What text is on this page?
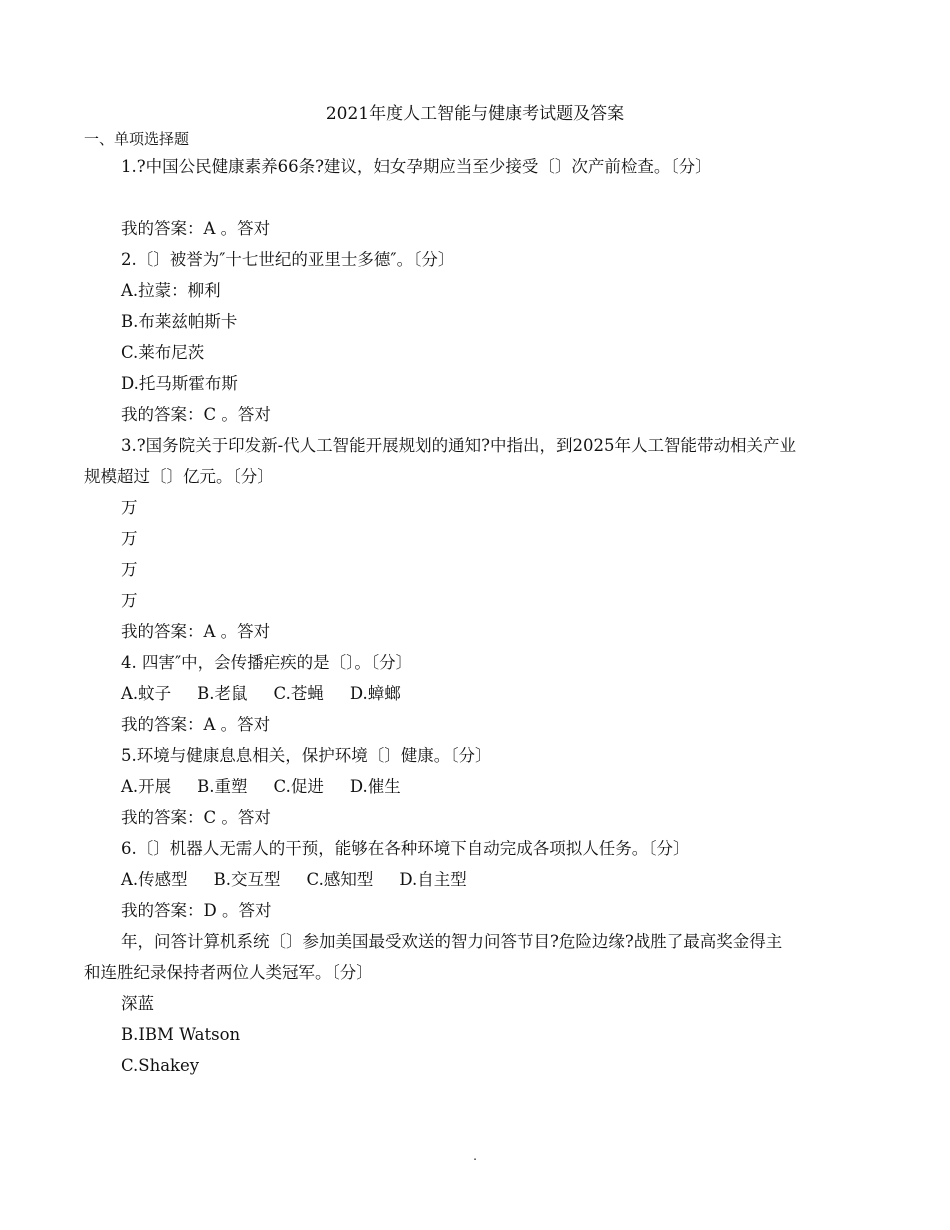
2021年度人工智能与健康考试题及答案
一、单项选择题
1.?中国公民健康素养66条?建议，妇女孕期应当至少接受〔〕次产前检查。〔分〕
我的答案：A 。答对
2.〔〕被誉为″十七世纪的亚里士多德″。〔分〕
A.拉蒙：柳利
B.布莱兹帕斯卡
C.莱布尼茨
D.托马斯霍布斯
我的答案：C 。答对
3.?国务院关于印发新-代人工智能开展规划的通知?中指出，到2025年人工智能带动相关产业
规模超过〔〕亿元。〔分〕
万
万
万
万
我的答案：A 。答对
4. 四害″中，会传播疟疾的是〔〕。〔分〕
A.蚊子 B.老鼠 C.苍蝇 D.蟑螂
我的答案：A 。答对
5.环境与健康息息相关，保护环境〔〕健康。〔分〕
A.开展 B.重塑 C.促进 D.催生
我的答案：C 。答对
6.〔〕机器人无需人的干预，能够在各种环境下自动完成各项拟人任务。〔分〕
A.传感型 B.交互型 C.感知型 D.自主型
我的答案：D 。答对
年，问答计算机系统〔〕参加美国最受欢送的智力问答节目?危险边缘?战胜了最高奖金得主
和连胜纪录保持者两位人类冠军。〔分〕
深蓝
B.IBM Watson
C.Shakey
.
